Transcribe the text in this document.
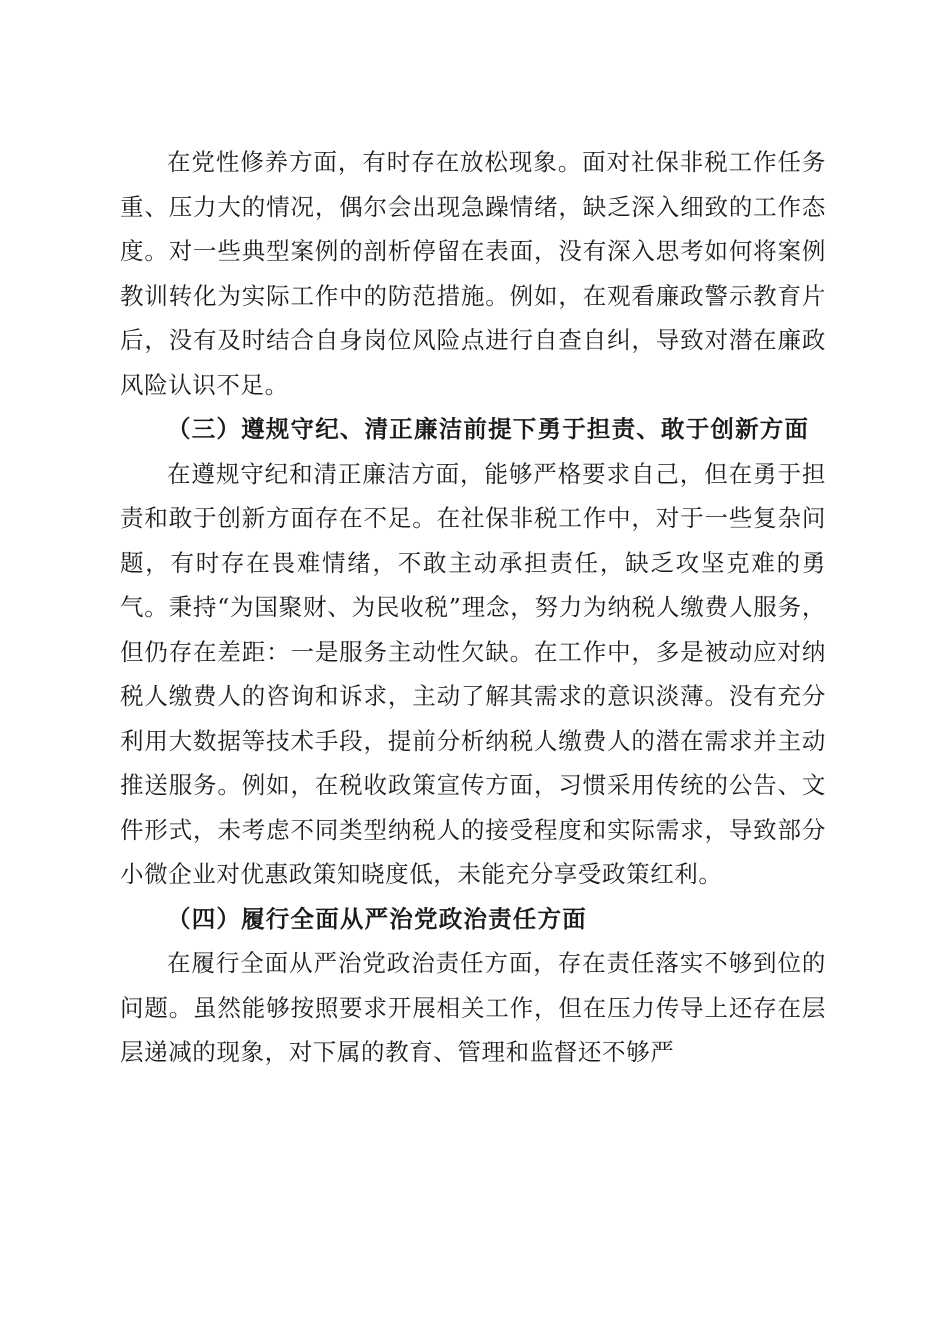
在党性修养方面，有时存在放松现象。面对社保非税工作任务重、压力大的情况，偶尔会出现急躁情绪，缺乏深入细致的工作态度。对一些典型案例的剖析停留在表面，没有深入思考如何将案例教训转化为实际工作中的防范措施。例如，在观看廉政警示教育片后，没有及时结合自身岗位风险点进行自查自纠，导致对潜在廉政风险认识不足。

（三）遵规守纪、清正廉洁前提下勇于担责、敢于创新方面

在遵规守纪和清正廉洁方面，能够严格要求自己，但在勇于担责和敢于创新方面存在不足。在社保非税工作中，对于一些复杂问题，有时存在畏难情绪，不敢主动承担责任，缺乏攻坚克难的勇气。秉持“为国聚财、为民收税”理念，努力为纳税人缴费人服务，但仍存在差距：一是服务主动性欠缺。在工作中，多是被动应对纳税人缴费人的咨询和诉求，主动了解其需求的意识淡薄。没有充分利用大数据等技术手段，提前分析纳税人缴费人的潜在需求并主动推送服务。例如，在税收政策宣传方面，习惯采用传统的公告、文件形式，未考虑不同类型纳税人的接受程度和实际需求，导致部分小微企业对优惠政策知晓度低，未能充分享受政策红利。

（四）履行全面从严治党政治责任方面

在履行全面从严治党政治责任方面，存在责任落实不够到位的问题。虽然能够按照要求开展相关工作，但在压力传导上还存在层层递减的现象，对下属的教育、管理和监督还不够严
